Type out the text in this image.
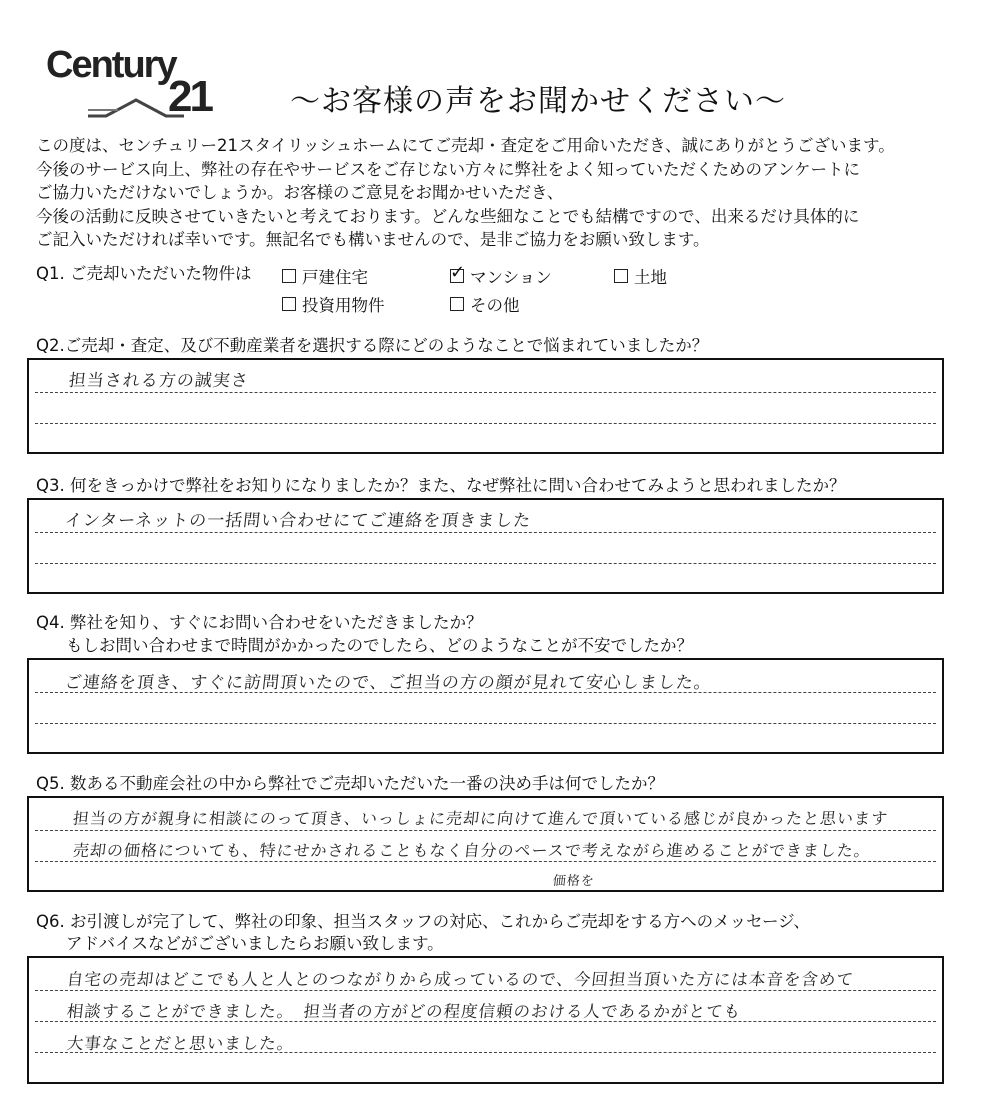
Century
21	～お客様の声をお聞かせください～
この度は、センチュリー21スタイリッシュホームにてご売却・査定をご用命いただき、誠にありがとうございます。
今後のサービス向上、弊社の存在やサービスをご存じない方々に弊社をよく知っていただくためのアンケートに
ご協力いただけないでしょうか。お客様のご意見をお聞かせいただき、
今後の活動に反映させていきたいと考えております。どんな些細なことでも結構ですので、出来るだけ具体的に
ご記入いただければ幸いです。無記名でも構いませんので、是非ご協力をお願い致します。
Q1. ご売却いただいた物件は	戸建住宅
✓	マンション	土地
投資用物件	その他
Q2.ご売却・査定、及び不動産業者を選択する際にどのようなことで悩まれていましたか？
担当される方の誠実さ
Q3. 何をきっかけで弊社をお知りになりましたか？また、なぜ弊社に問い合わせてみようと思われましたか？
インターネットの一括問い合わせにてご連絡を頂きました
Q4. 弊社を知り、すぐにお問い合わせをいただきましたか？
もしお問い合わせまで時間がかかったのでしたら、どのようなことが不安でしたか？
ご連絡を頂き、すぐに訪問頂いたので、ご担当の方の顔が見れて安心しました。
Q5. 数ある不動産会社の中から弊社でご売却いただいた一番の決め手は何でしたか？
担当の方が親身に相談にのって頂き、いっしょに売却に向けて進んで頂いている感じが良かったと思います
売却の価格についても、特にせかされることもなく自分のペースで考えながら進めることができました。
価格を
Q6. お引渡しが完了して、弊社の印象、担当スタッフの対応、これからご売却をする方へのメッセージ、
アドバイスなどがございましたらお願い致します。
自宅の売却はどこでも人と人とのつながりから成っているので、今回担当頂いた方には本音を含めて
相談することができました。　担当者の方がどの程度信頼のおける人であるかがとても
大事なことだと思いました。
